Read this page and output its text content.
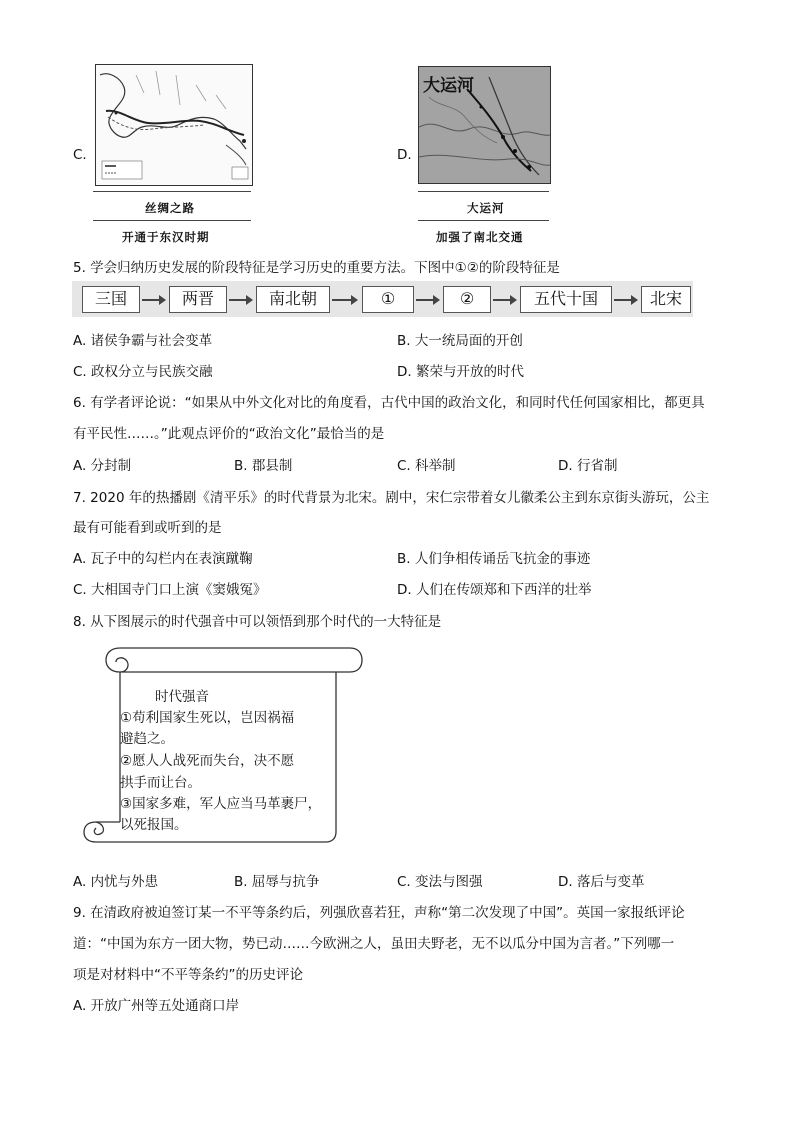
C.
丝绸之路
开通于东汉时期
D.
大运河
大运河
加强了南北交通
5. 学会归纳历史发展的阶段特征是学习历史的重要方法。下图中①②的阶段特征是
三国	两晋	南北朝	①	②	五代十国	北宋
A. 诸侯争霸与社会变革	B. 大一统局面的开创
C. 政权分立与民族交融	D. 繁荣与开放的时代
6. 有学者评论说：“如果从中外文化对比的角度看，古代中国的政治文化，和同时代任何国家相比，都更具
有平民性……。”此观点评价的“政治文化”最恰当的是
A. 分封制	B. 郡县制	C. 科举制	D. 行省制
7. 2020 年的热播剧《清平乐》的时代背景为北宋。剧中，宋仁宗带着女儿徽柔公主到东京街头游玩，公主
最有可能看到或听到的是
A. 瓦子中的勾栏内在表演蹴鞠	B. 人们争相传诵岳飞抗金的事迹
C. 大相国寺门口上演《窦娥冤》	D. 人们在传颂郑和下西洋的壮举
8. 从下图展示的时代强音中可以领悟到那个时代的一大特征是
时代强音
①苟利国家生死以，岂因祸福
避趋之。
②愿人人战死而失台，决不愿
拱手而让台。
③国家多难，军人应当马革裹尸，
以死报国。
A. 内忧与外患	B. 屈辱与抗争	C. 变法与图强	D. 落后与变革
9. 在清政府被迫签订某一不平等条约后，列强欣喜若狂，声称“第二次发现了中国”。英国一家报纸评论
道：“中国为东方一团大物，势已动……今欧洲之人，虽田夫野老，无不以瓜分中国为言者。”下列哪一
项是对材料中“不平等条约”的历史评论
A. 开放广州等五处通商口岸
